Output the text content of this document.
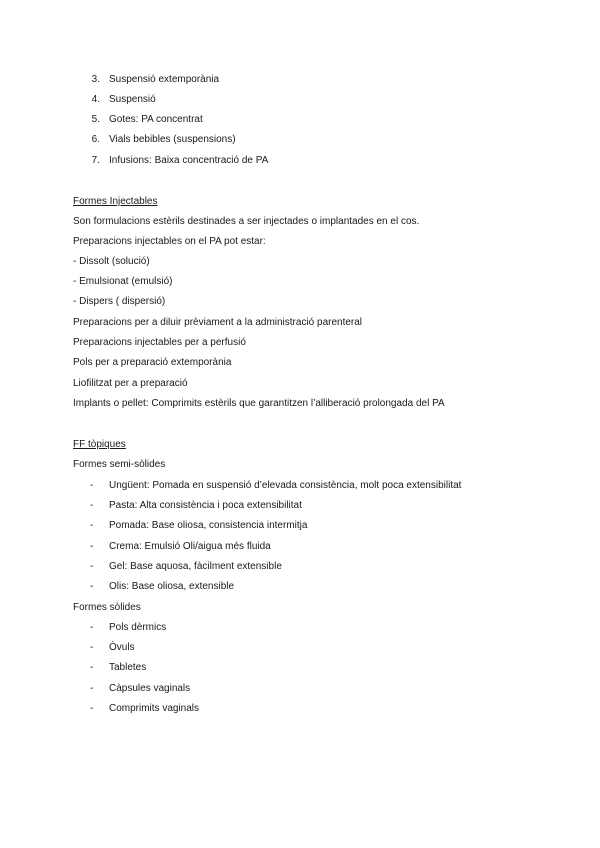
3. Suspensió extemporània
4. Suspensió
5. Gotes: PA concentrat
6. Vials bebibles (suspensions)
7. Infusions: Baixa concentració de PA
Formes Injectables
Son formulacions estèrils destinades a ser injectades o implantades en el cos.
Preparacions injectables on el PA pot estar:
- Dissolt (solució)
- Emulsionat (emulsió)
- Dispers ( dispersió)
Preparacions per a diluir prèviament a la administració parenteral
Preparacions injectables per a perfusió
Pols per a preparació extemporània
Liofilitzat per a preparació
Implants o pellet: Comprimits estèrils que garantitzen l’alliberació prolongada del PA
FF tòpiques
Formes semi-sòlides
- Ungüent: Pomada en suspensió d’elevada consistència, molt poca extensibilitat
- Pasta: Alta consistència i poca extensibilitat
- Pomada: Base oliosa, consistencia intermitja
- Crema: Emulsió Oli/aigua més fluida
- Gel: Base aquosa, fàcilment extensible
- Olis: Base oliosa, extensible
Formes sòlides
- Pols dèrmics
- Òvuls
- Tabletes
- Càpsules vaginals
- Comprimits vaginals
